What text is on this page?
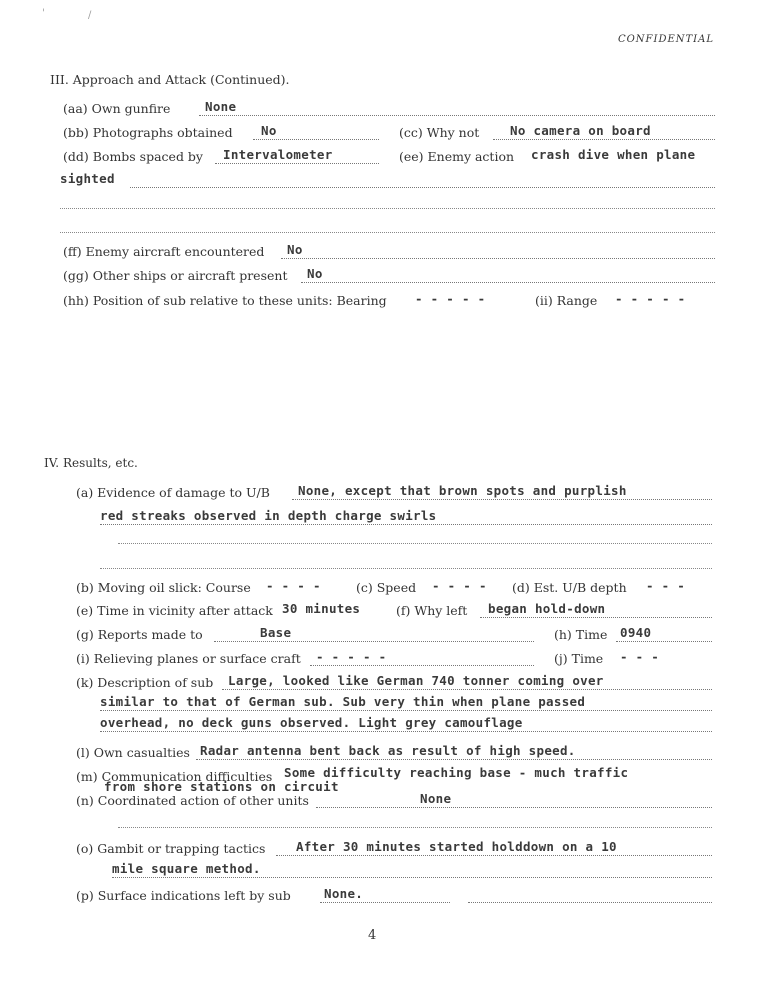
'	/
CONFIDENTIAL
III. Approach and Attack (Continued).
(aa) Own gunfire	None
(bb) Photographs obtained No	(cc) Why not No camera on board
(dd) Bombs spaced by Intervalometer	(ee) Enemy action crash dive when plane
sighted
(ff) Enemy aircraft encountered No
(gg) Other ships or aircraft present No
(hh) Position of sub relative to these units: Bearing - - - - -	(ii) Range - - - - -
IV. Results, etc.
(a) Evidence of damage to U/B None, except that brown spots and purplish
red streaks observed in depth charge swirls
(b) Moving oil slick: Course - - - -	(c) Speed - - - - (d) Est. U/B depth - - -
(e) Time in vicinity after attack 30 minutes	(f) Why left began hold-down
(g) Reports made to	Base	(h) Time 0940
(i) Relieving planes or surface craft - - - - -	(j) Time - - -
(k) Description of sub Large, looked like German 740 tonner coming over
similar to that of German sub. Sub very thin when plane passed
overhead, no deck guns observed. Light grey camouflage
(l) Own casualties Radar antenna bent back as result of high speed.
(m) Communication difficulties Some difficulty reaching base - much traffic
from shore stations on circuit
(n) Coordinated action of other units	None
(o) Gambit or trapping tactics After 30 minutes started holddown on a 10
mile square method.
(p) Surface indications left by sub	None.
4
